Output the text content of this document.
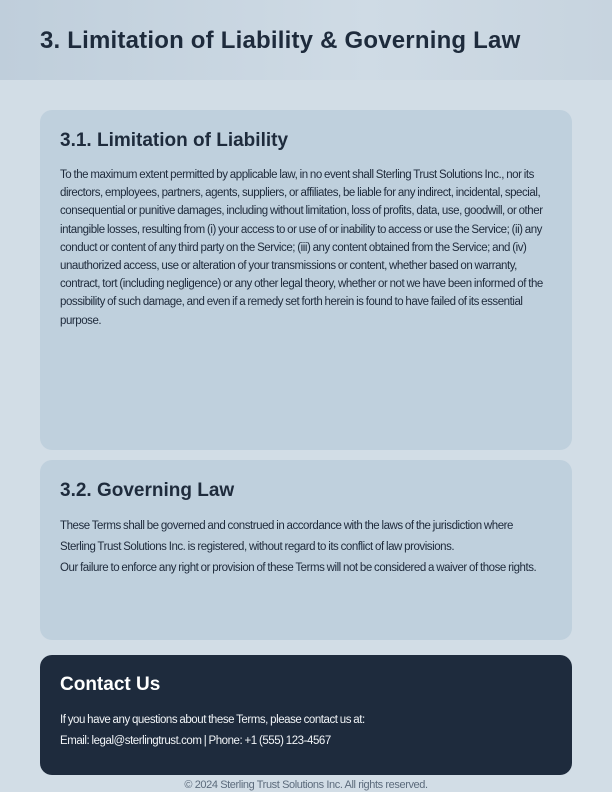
3. Limitation of Liability & Governing Law
3.1. Limitation of Liability

To the maximum extent permitted by applicable law, in no event shall Sterling Trust Solutions Inc., nor its directors, employees, partners, agents, suppliers, or affiliates, be liable for any indirect, incidental, special, consequential or punitive damages, including without limitation, loss of profits, data, use, goodwill, or other intangible losses, resulting from (i) your access to or use of or inability to access or use the Service; (ii) any conduct or content of any third party on the Service; (iii) any content obtained from the Service; and (iv) unauthorized access, use or alteration of your transmissions or content, whether based on warranty, contract, tort (including negligence) or any other legal theory, whether or not we have been informed of the possibility of such damage, and even if a remedy set forth herein is found to have failed of its essential purpose.

3.2. Governing Law

These Terms shall be governed and construed in accordance with the laws of the jurisdiction where Sterling Trust Solutions Inc. is registered, without regard to its conflict of law provisions.

Our failure to enforce any right or provision of these Terms will not be considered a waiver of those rights.

Contact Us

If you have any questions about these Terms, please contact us at:

Email: legal@sterlingtrust.com | Phone: +1 (555) 123-4567

© 2024 Sterling Trust Solutions Inc. All rights reserved.
